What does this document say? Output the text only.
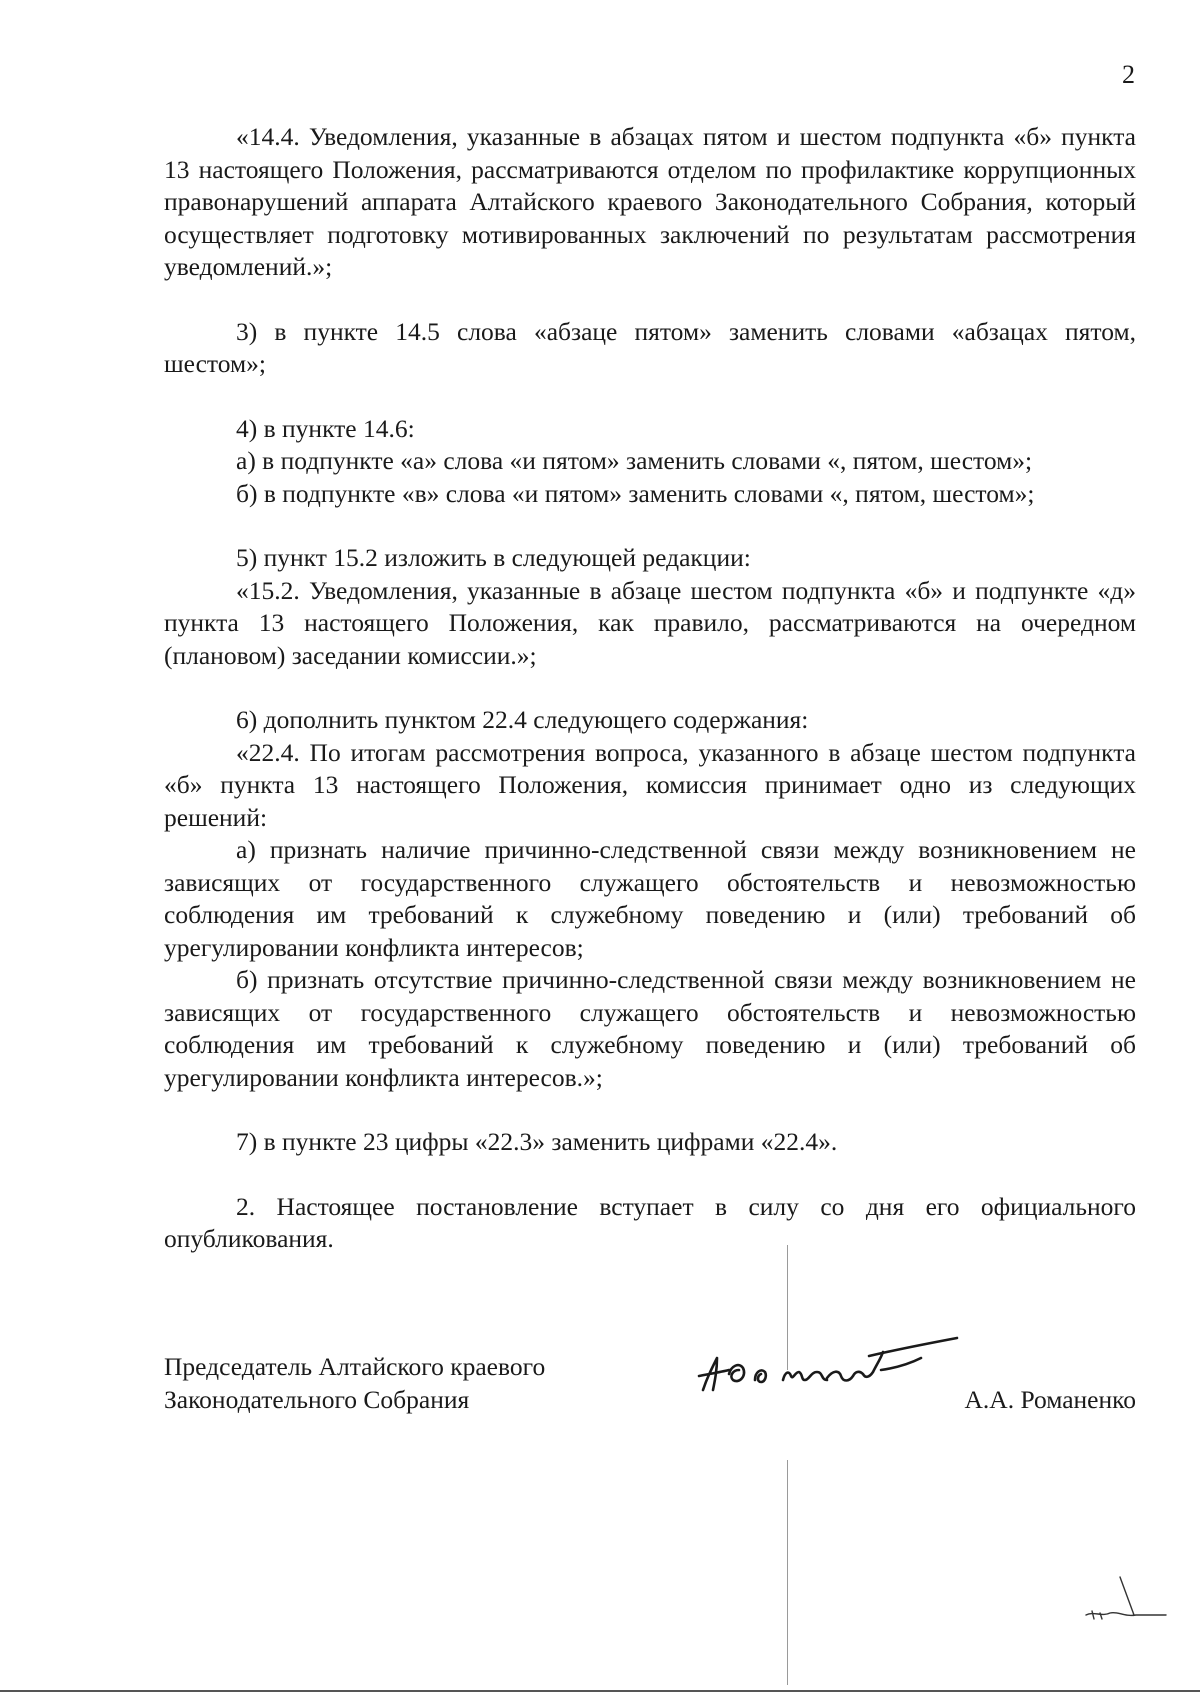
2

«14.4. Уведомления, указанные в абзацах пятом и шестом подпункта «б» пункта 13 настоящего Положения, рассматриваются отделом по профилактике коррупционных правонарушений аппарата Алтайского краевого Законодательного Собрания, который осуществляет подготовку мотивированных заключений по результатам рассмотрения уведомлений.»;

3) в пункте 14.5 слова «абзаце пятом» заменить словами «абзацах пятом, шестом»;

4) в пункте 14.6:

а) в подпункте «а» слова «и пятом» заменить словами «, пятом, шестом»;

б) в подпункте «в» слова «и пятом» заменить словами «, пятом, шестом»;

5) пункт 15.2 изложить в следующей редакции:

«15.2. Уведомления, указанные в абзаце шестом подпункта «б» и подпункте «д» пункта 13 настоящего Положения, как правило, рассматриваются на очередном (плановом) заседании комиссии.»;

6) дополнить пунктом 22.4 следующего содержания:

«22.4. По итогам рассмотрения вопроса, указанного в абзаце шестом подпункта «б» пункта 13 настоящего Положения, комиссия принимает одно из следующих решений:

а) признать наличие причинно-следственной связи между возникновением не зависящих от государственного служащего обстоятельств и невозможностью соблюдения им требований к служебному поведению и (или) требований об урегулировании конфликта интересов;

б) признать отсутствие причинно-следственной связи между возникновением не зависящих от государственного служащего обстоятельств и невозможностью соблюдения им требований к служебному поведению и (или) требований об урегулировании конфликта интересов.»;

7) в пункте 23 цифры «22.3» заменить цифрами «22.4».

2. Настоящее постановление вступает в силу со дня его официального опубликования.

Председатель Алтайского краевого
Законодательного Собрания	А.А. Романенко
